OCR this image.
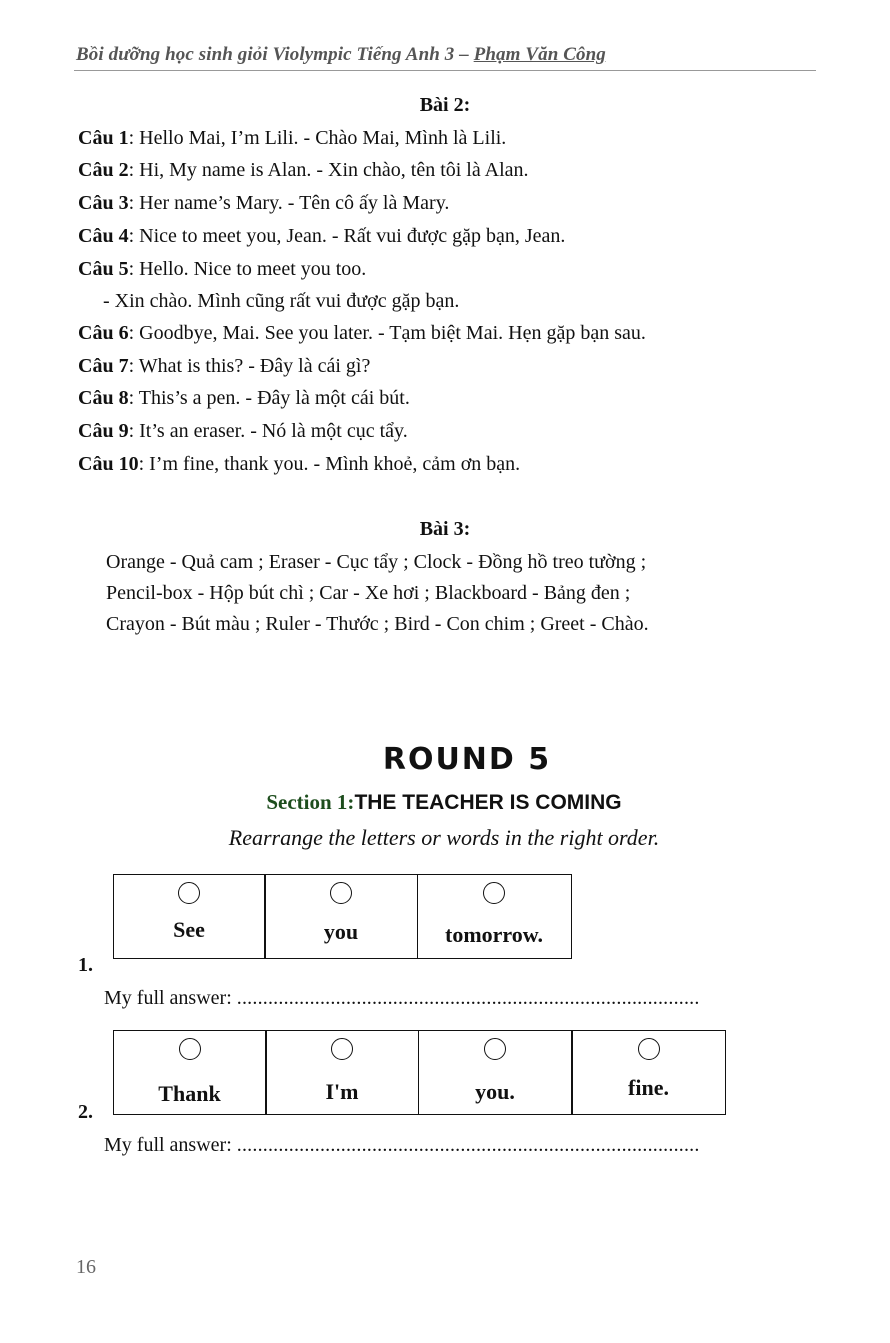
Bồi dưỡng học sinh giỏi Violympic Tiếng Anh 3 – Phạm Văn Công
Bài 2:
Câu 1: Hello Mai, I’m Lili. - Chào Mai, Mình là Lili.
Câu 2: Hi, My name is Alan. - Xin chào, tên tôi là Alan.
Câu 3: Her name’s Mary. - Tên cô ấy là Mary.
Câu 4: Nice to meet you, Jean. - Rất vui được gặp bạn, Jean.
Câu 5: Hello. Nice to meet you too.
- Xin chào. Mình cũng rất vui được gặp bạn.
Câu 6: Goodbye, Mai. See you later. - Tạm biệt Mai. Hẹn gặp bạn sau.
Câu 7: What is this? - Đây là cái gì?
Câu 8: This’s a pen. - Đây là một cái bút.
Câu 9: It’s an eraser. - Nó là một cục tẩy.
Câu 10: I’m fine, thank you. - Mình khoẻ, cảm ơn bạn.
Bài 3:
Orange - Quả cam ; Eraser - Cục tẩy ; Clock - Đồng hồ treo tường ;
Pencil-box - Hộp bút chì ; Car - Xe hơi ; Blackboard - Bảng đen ;
Crayon - Bút màu ; Ruler - Thước ; Bird - Con chim ; Greet - Chào.
ROUND 5
Section 1:THE TEACHER IS COMING
Rearrange the letters or words in the right order.
See	you	tomorrow.
1.
My full answer: .........................................................................................
Thank	I'm	you.	fine.
2.
My full answer: .........................................................................................
16
